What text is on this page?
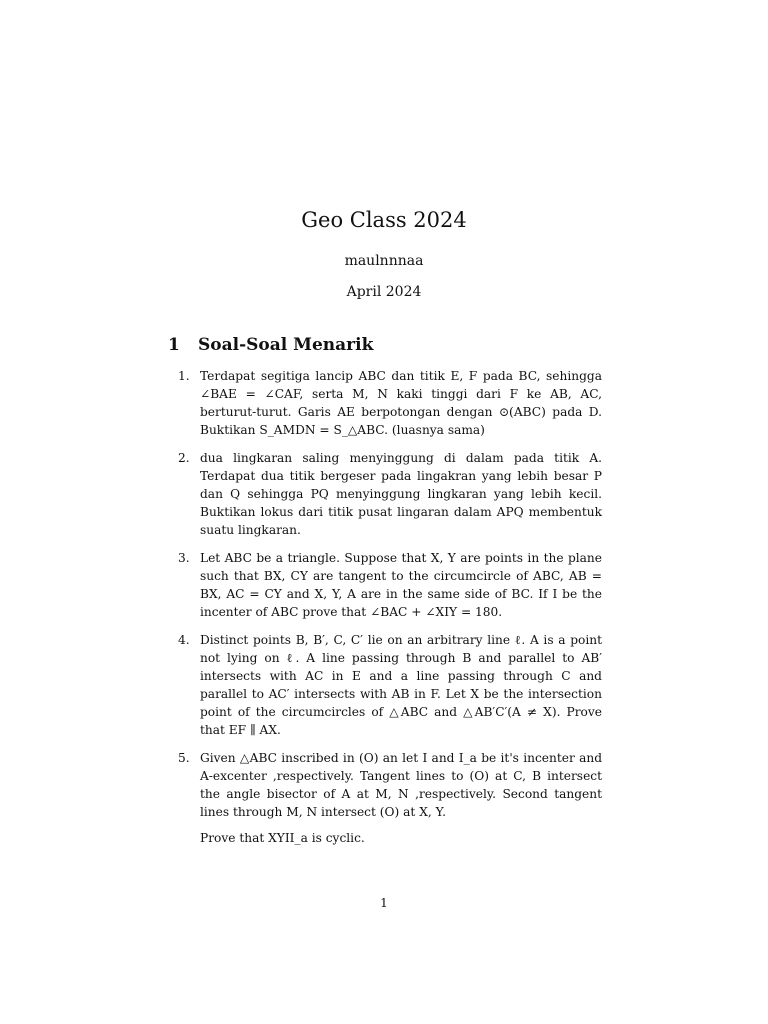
Geo Class 2024
maulnnnaa
April 2024
1 Soal-Soal Menarik
1. Terdapat segitiga lancip ABC dan titik E, F pada BC, sehingga ∠BAE = ∠CAF, serta M, N kaki tinggi dari F ke AB, AC, berturut-turut. Garis AE berpotongan dengan ⊙(ABC) pada D. Buktikan S_AMDN = S_△ABC. (luasnya sama)

2. dua lingkaran saling menyinggung di dalam pada titik A. Terdapat dua titik bergeser pada lingakran yang lebih besar P dan Q sehingga PQ menyinggung lingkaran yang lebih kecil. Buktikan lokus dari titik pusat lingaran dalam APQ membentuk suatu lingkaran.

3. Let ABC be a triangle. Suppose that X, Y are points in the plane such that BX, CY are tangent to the circumcircle of ABC, AB = BX, AC = CY and X, Y, A are in the same side of BC. If I be the incenter of ABC prove that ∠BAC + ∠XIY = 180.

4. Distinct points B, B′, C, C′ lie on an arbitrary line ℓ. A is a point not lying on ℓ. A line passing through B and parallel to AB′ intersects with AC in E and a line passing through C and parallel to AC′ intersects with AB in F. Let X be the intersection point of the circumcircles of △ABC and △AB′C′(A ≠ X). Prove that EF ∥ AX.

5. Given △ABC inscribed in (O) an let I and I_a be it's incenter and A-excenter ,respectively. Tangent lines to (O) at C, B intersect the angle bisector of A at M, N ,respectively. Second tangent lines through M, N intersect (O) at X, Y.

Prove that XYII_a is cyclic.

1
